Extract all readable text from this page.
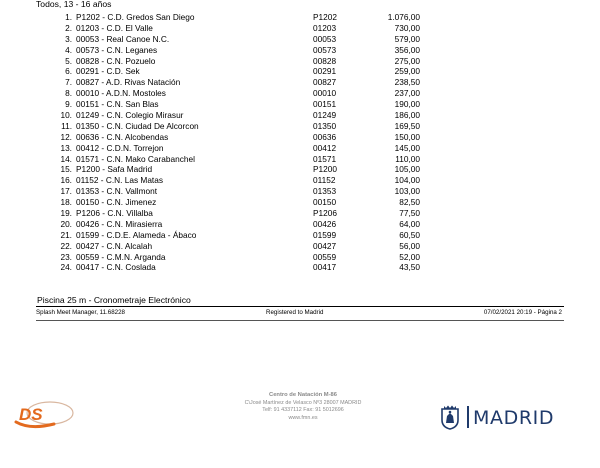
Todos, 13 - 16 años
1. P1202 - C.D. Gredos San Diego	P1202	1.076,00
2. 01203 - C.D. El Valle	01203	730,00
3. 00053 - Real Canoe N.C.	00053	579,00
4. 00573 - C.N. Leganes	00573	356,00
5. 00828 - C.N. Pozuelo	00828	275,00
6. 00291 - C.D. Sek	00291	259,00
7. 00827 - A.D. Rivas Natación	00827	238,50
8. 00010 - A.D.N. Mostoles	00010	237,00
9. 00151 - C.N. San Blas	00151	190,00
10. 01249 - C.N. Colegio Mirasur	01249	186,00
11. 01350 - C.N. Ciudad De Alcorcon	01350	169,50
12. 00636 - C.N. Alcobendas	00636	150,00
13. 00412 - C.D.N. Torrejon	00412	145,00
14. 01571 - C.N. Mako Carabanchel	01571	110,00
15. P1200 - Safa Madrid	P1200	105,00
16. 01152 - C.N. Las Matas	01152	104,00
17. 01353 - C.N. Vallmont	01353	103,00
18. 00150 - C.N. Jimenez	00150	82,50
19. P1206 - C.N. Villalba	P1206	77,50
20. 00426 - C.N. Mirasierra	00426	64,00
21. 01599 - C.D.E. Alameda - Ábaco	01599	60,50
22. 00427 - C.N. Alcalah	00427	56,00
23. 00559 - C.M.N. Arganda	00559	52,00
24. 00417 - C.N. Coslada	00417	43,50
Piscina 25 m - Cronometraje Electrónico
Splash Meet Manager, 11.68228	Registered to Madrid	07/02/2021 20:19 - Página 2
DS
Centro de Natación M-86
C\José Martínez de Velasco Nº3 28007 MADRID
Telf: 91 4337112 Fax: 91 5012696
www.fmn.es	MADRID
